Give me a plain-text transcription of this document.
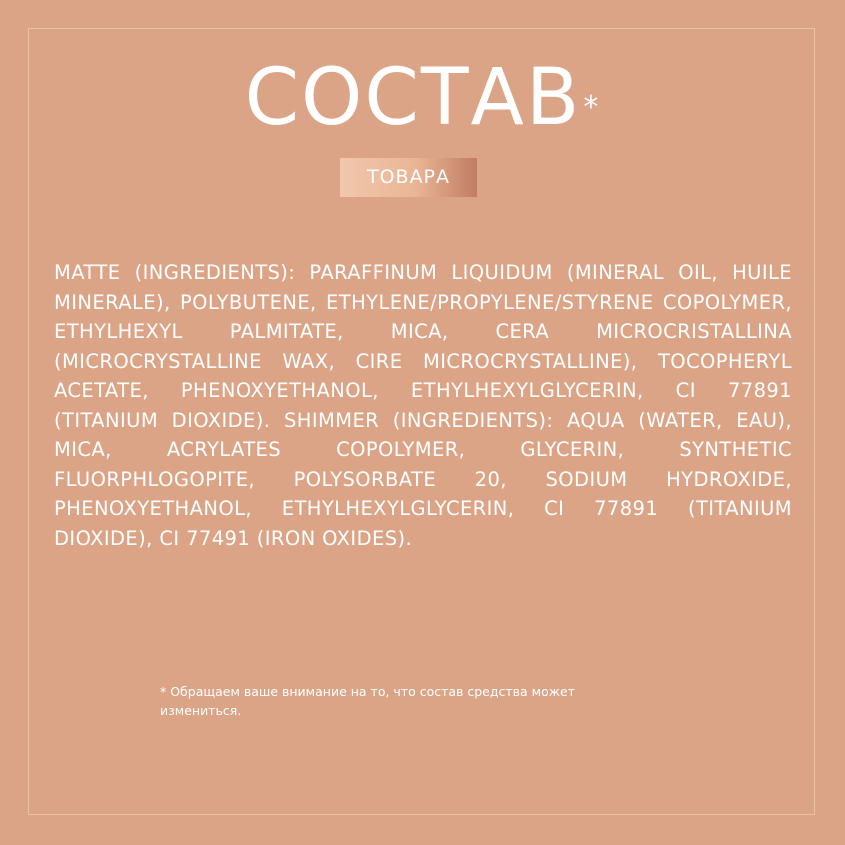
СОСТАВ*
ТОВАРА

MATTE (INGREDIENTS): PARAFFINUM LIQUIDUM (MINERAL OIL, HUILE MINERALE), POLYBUTENE, ETHYLENE/PROPYLENE/STYRENE COPOLYMER, ETHYLHEXYL PALMITATE, MICA, CERA MICROCRISTALLINA (MICROCRYSTALLINE WAX, CIRE MICROCRYSTALLINE), TOCOPHERYL ACETATE, PHENOXYETHANOL, ETHYLHEXYLGLYCERIN, CI 77891 (TITANIUM DIOXIDE). SHIMMER (INGREDIENTS): AQUA (WATER, EAU), MICA, ACRYLATES COPOLYMER, GLYCERIN, SYNTHETIC FLUORPHLOGOPITE, POLYSORBATE 20, SODIUM HYDROXIDE, PHENOXYETHANOL, ETHYLHEXYLGLYCERIN, CI 77891 (TITANIUM DIOXIDE), CI 77491 (IRON OXIDES).

* Обращаем ваше внимание на то, что состав средства может измениться.
